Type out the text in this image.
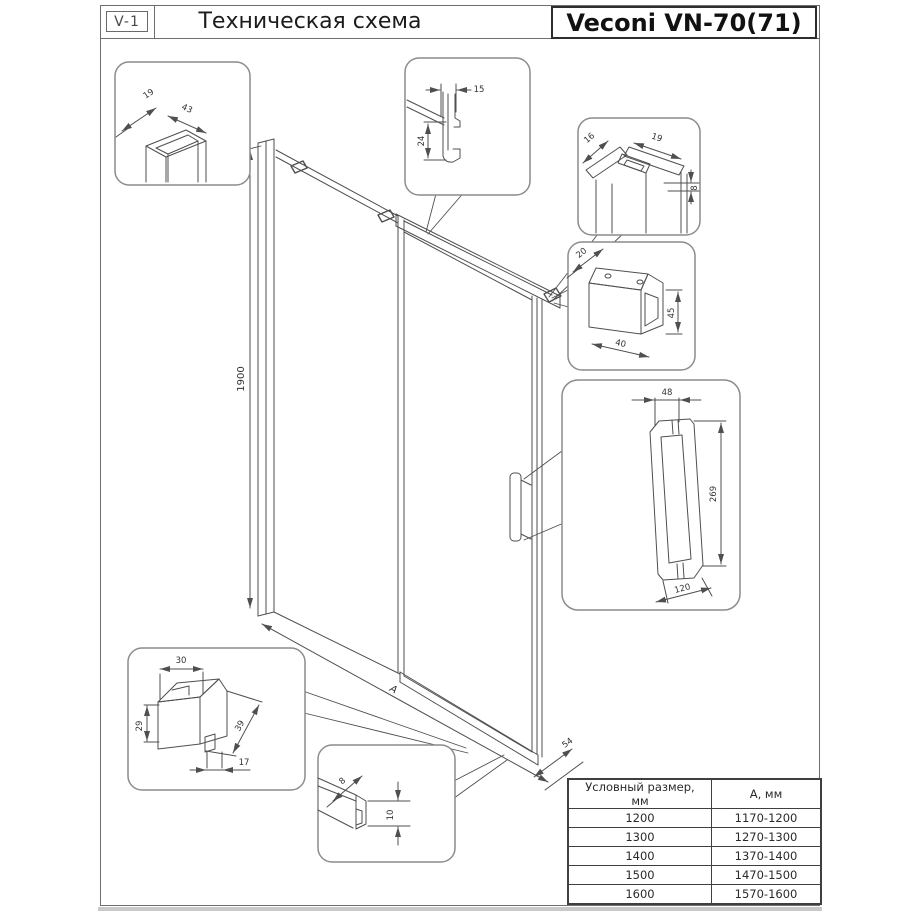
V-1	Техническая схема	Veconi VN-70(71)
1900
A
54
19
43
15
24	16	19
8
20
40
45
48
269
120
30
29	39
17
8
10
Условный размер, мм	А, мм
1200	1170-1200
1300	1270-1300
1400	1370-1400
1500	1470-1500
1600	1570-1600
